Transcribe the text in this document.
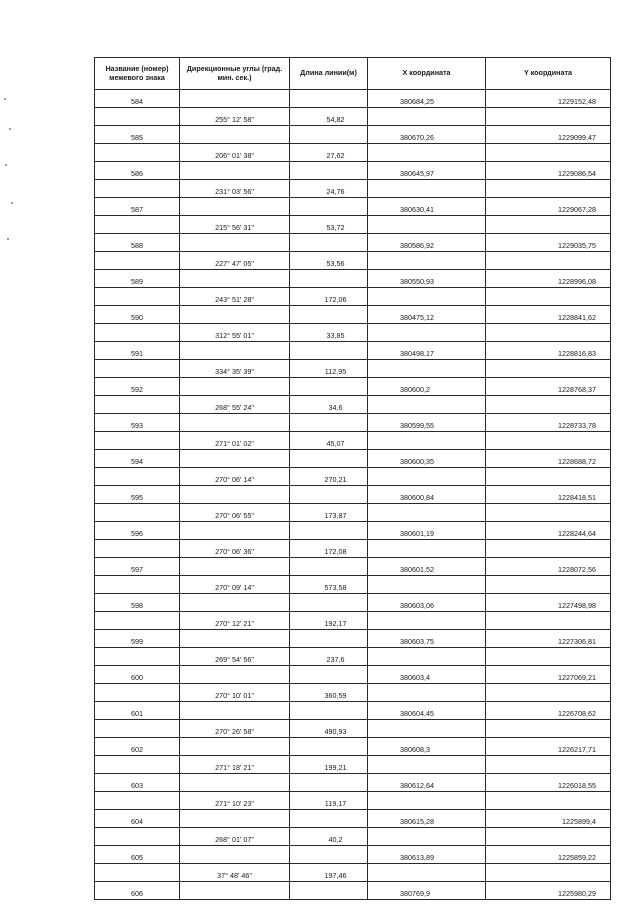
Название (номер) межевого знака	Дирекционные углы (град. мин. сек.)	Длина линии(м)	X координата	Y координата
584			380684,25	1229152,48
	255° 12' 58"	54,82		
585			380670,26	1229099,47
	206° 01' 38"	27,62		
586			380645,97	1229086,54
	231° 03' 56"	24,76		
587			380630,41	1229067,28
	215° 56' 31"	53,72		
588			380586,92	1229035,75
	227° 47' 05"	53,56		
589			380550,93	1228996,08
	243° 51' 28"	172,06		
590			380475,12	1228841,62
	312° 55' 01"	33,85		
591			380498,17	1228816,83
	334° 35' 39"	112,95		
592			380600,2	1228768,37
	268° 55' 24"	34,6		
593			380599,55	1228733,78
	271° 01' 02"	45,07		
594			380600,35	1228688,72
	270° 06' 14"	270,21		
595			380600,84	1228418,51
	270° 06' 55"	173,87		
596			380601,19	1228244,64
	270° 06' 36"	172,08		
597			380601,52	1228072,56
	270° 09' 14"	573,58		
598			380603,06	1227498,98
	270° 12' 21"	192,17		
599			380603,75	1227306,81
	269° 54' 56"	237,6		
600			380603,4	1227069,21
	270° 10' 01"	360,59		
601			380604,45	1226708,62
	270° 26' 58"	490,93		
602			380608,3	1226217,71
	271° 18' 21"	199,21		
603			380612,64	1226018,55
	271° 10' 23"	119,17		
604			380615,28	1225899,4
	268° 01' 07"	40,2		
605			380613,89	1225859,22
	37° 48' 46"	197,46		
606			380769,9	1225980,29
